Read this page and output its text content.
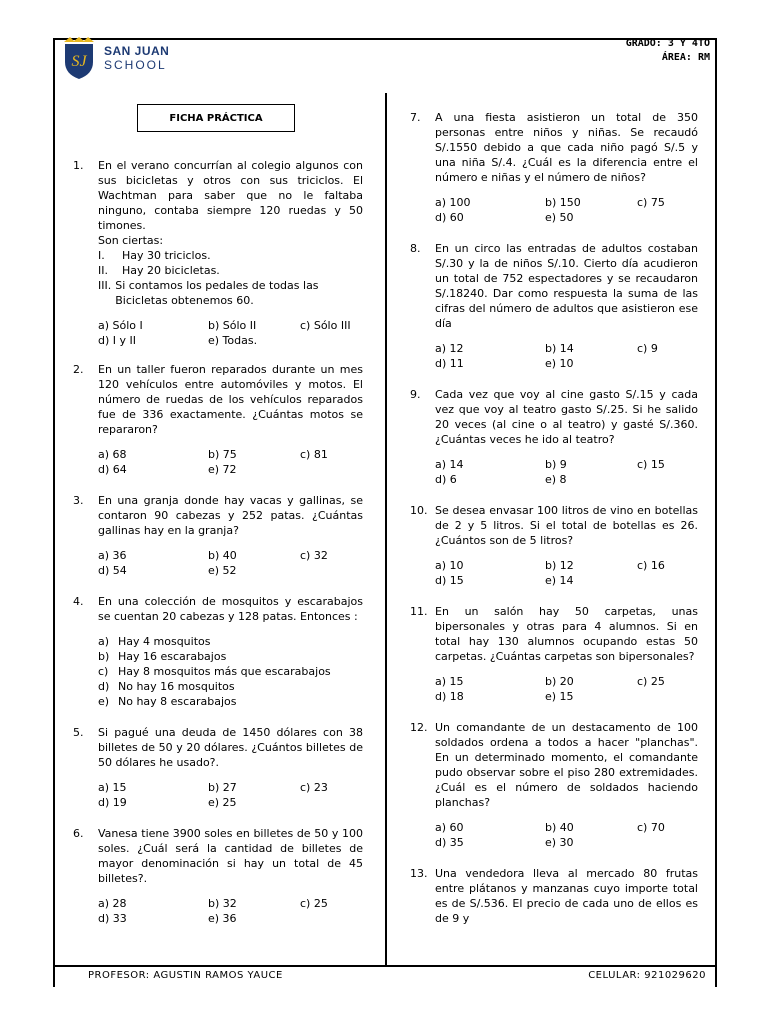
SJ
SAN JUAN
SCHOOL
GRADO: 3 Y 4TO
ÁREA: RM
FICHA PRÁCTICA
1. En el verano concurrían al colegio algunos con sus bicicletas y otros con sus triciclos. El Wachtman para saber que no le faltaba ninguno, contaba siempre 120 ruedas y 50 timones.
Son ciertas:
I.	Hay 30 triciclos.
II.	Hay 20 bicicletas.
III. Si contamos los pedales de todas las Bicicletas obtenemos 60.
a) Sólo I	b) Sólo II	c) Sólo III
d) I y II	e) Todas.
2. En un taller fueron reparados durante un mes 120 vehículos entre automóviles y motos. El número de ruedas de los vehículos reparados fue de 336 exactamente. ¿Cuántas motos se repararon?
a) 68	b) 75	c) 81
d) 64	e) 72
3. En una granja donde hay vacas y gallinas, se contaron 90 cabezas y 252 patas. ¿Cuántas gallinas hay en la granja?
a) 36	b) 40	c) 32
d) 54	e) 52
4. En una colección de mosquitos y escarabajos se cuentan 20 cabezas y 128 patas. Entonces :
a) Hay 4 mosquitos
b) Hay 16 escarabajos
c) Hay 8 mosquitos más que escarabajos
d) No hay 16 mosquitos
e) No hay 8 escarabajos
5. Si pagué una deuda de 1450 dólares con 38 billetes de 50 y 20 dólares. ¿Cuántos billetes de 50 dólares he usado?.
a) 15	b) 27	c) 23
d) 19	e) 25
6. Vanesa tiene 3900 soles en billetes de 50 y 100 soles. ¿Cuál será la cantidad de billetes de mayor denominación si hay un total de 45 billetes?.
a) 28	b) 32	c) 25
d) 33	e) 36
7. A una fiesta asistieron un total de 350 personas entre niños y niñas. Se recaudó S/.1550 debido a que cada niño pagó S/.5 y una niña S/.4. ¿Cuál es la diferencia entre el número e niñas y el número de niños?
a) 100	b) 150	c) 75
d) 60	e) 50
8. En un circo las entradas de adultos costaban S/.30 y la de niños S/.10. Cierto día acudieron un total de 752 espectadores y se recaudaron S/.18240. Dar como respuesta la suma de las cifras del número de adultos que asistieron ese día
a) 12	b) 14	c) 9
d) 11	e) 10
9. Cada vez que voy al cine gasto S/.15 y cada vez que voy al teatro gasto S/.25. Si he salido 20 veces (al cine o al teatro) y gasté S/.360. ¿Cuántas veces he ido al teatro?
a) 14	b) 9	c) 15
d) 6	e) 8
10. Se desea envasar 100 litros de vino en botellas de 2 y 5 litros. Si el total de botellas es 26. ¿Cuántos son de 5 litros?
a) 10	b) 12	c) 16
d) 15	e) 14
11. En un salón hay 50 carpetas, unas bipersonales y otras para 4 alumnos. Si en total hay 130 alumnos ocupando estas 50 carpetas. ¿Cuántas carpetas son bipersonales?
a) 15	b) 20	c) 25
d) 18	e) 15
12. Un comandante de un destacamento de 100 soldados ordena a todos a hacer "planchas". En un determinado momento, el comandante pudo observar sobre el piso 280 extremidades. ¿Cuál es el número de soldados haciendo planchas?
a) 60	b) 40	c) 70
d) 35	e) 30
13. Una vendedora lleva al mercado 80 frutas entre plátanos y manzanas cuyo importe total es de S/.536. El precio de cada uno de ellos es de 9 y
PROFESOR: AGUSTIN RAMOS YAUCE	CELULAR: 921029620
